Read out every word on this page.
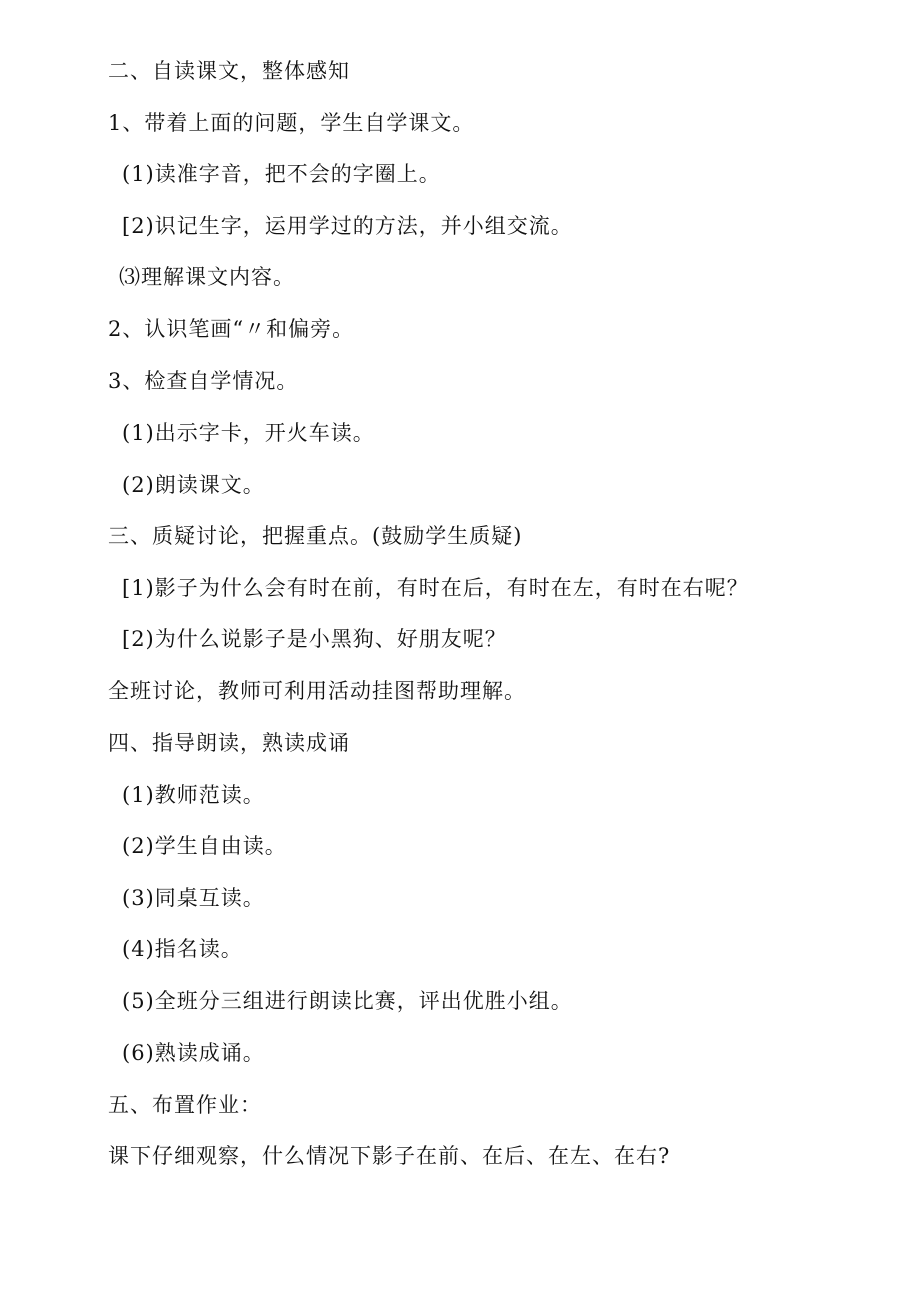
二、自读课文，整体感知
1、带着上面的问题，学生自学课文。
(1)读准字音，把不会的字圈上。
[2)识记生字，运用学过的方法，并小组交流。
⑶理解课文内容。
2、认识笔画“〃和偏旁。
3、检查自学情况。
(1)出示字卡，开火车读。
(2)朗读课文。
三、质疑讨论，把握重点。(鼓励学生质疑)
[1)影子为什么会有时在前，有时在后，有时在左，有时在右呢？
[2)为什么说影子是小黑狗、好朋友呢？
全班讨论，教师可利用活动挂图帮助理解。
四、指导朗读，熟读成诵
(1)教师范读。
(2)学生自由读。
(3)同桌互读。
(4)指名读。
(5)全班分三组进行朗读比赛，评出优胜小组。
(6)熟读成诵。
五、布置作业：
课下仔细观察，什么情况下影子在前、在后、在左、在右?
